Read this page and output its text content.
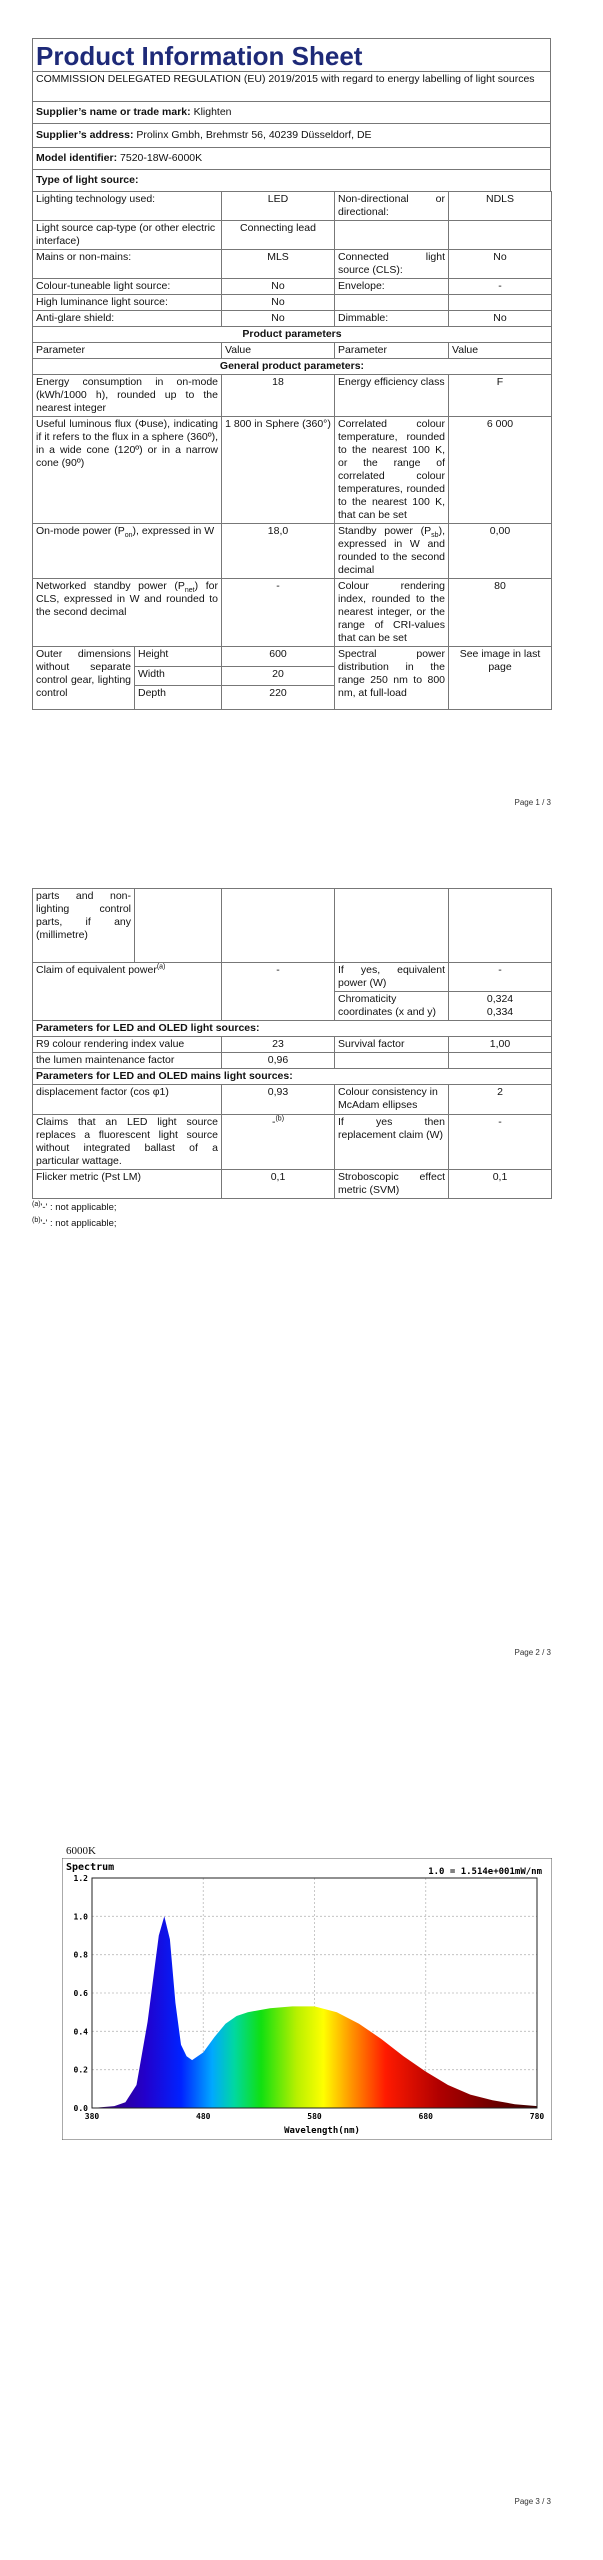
Product Information Sheet
COMMISSION DELEGATED REGULATION (EU) 2019/2015 with regard to energy labelling of light sources
Supplier’s name or trade mark: Klighten
Supplier’s address: Prolinx Gmbh, Brehmstr 56, 40239 Düsseldorf, DE
Model identifier: 7520-18W-6000K
Type of light source:
Lighting technology used:		LED	Non-directional or directional:	NDLS
Light source cap-type (or other electric interface)		Connecting lead		
Mains or non-mains:		MLS	Connected light source (CLS):	No
Colour-tuneable light source:		No	Envelope:	-
High luminance light source:		No		
Anti-glare shield:		No	Dimmable:	No
Product parameters				
Parameter		Value	Parameter	Value
General product parameters:				
Energy consumption in on-mode (kWh/1000 h), rounded up to the nearest integer		18	Energy efficiency class	F
Useful luminous flux (Φuse), indicating if it refers to the flux in a sphere (360º), in a wide cone (120º) or in a narrow cone (90º)		1 800 in Sphere (360°)	Correlated colour temperature, rounded to the nearest 100 K, or the range of correlated colour temperatures, rounded to the nearest 100 K, that can be set	6 000
On-mode power $(P_{on})$, expressed in W		18,0	Standby power $(P_{sb})$, expressed in W and rounded to the second decimal	0,00
Networked standby power $(P_{net})$ for CLS, expressed in W and rounded to the second decimal		-	Colour rendering index, rounded to the nearest integer, or the range of CRI-values that can be set	80
Outer dimensions without separate control gear, lighting control	Height	600	Spectral power distribution in the range 250 nm to 800 nm, at full-load	See image in last page
	Width	20		
	Depth	220		
Page 1 / 3
parts and non-lighting control parts, if any (millimetre)				
Claim of equivalent power$^{(a)}$		-	If yes, equivalent power (W)	-
			Chromaticity coordinates (x and y)	0,324
0,334

Parameters for LED and OLED light sources:				
R9 colour rendering index value		23	Survival factor	1,00
the lumen maintenance factor		0,96		
Parameters for LED and OLED mains light sources:				
displacement factor (cos φ1)		0,93	Colour consistency in McAdam ellipses	2
Claims that an LED light source replaces a fluorescent light source without integrated ballast of a particular wattage.		-$^{(b)}$	If yes then replacement claim (W)	-
Flicker metric (Pst LM)		0,1	Stroboscopic effect metric (SVM)	0,1
$^{(a)}$'-' : not applicable;
$^{(b)}$'-' : not applicable;
Page 2 / 3
6000K
Spectrum	1.0 = 1.514e+001mW/nm
0.0
0.2
0.4
0.6
0.8
1.0
1.2
380	480	580	680	780
Wavelength(nm)
Page 3 / 3
